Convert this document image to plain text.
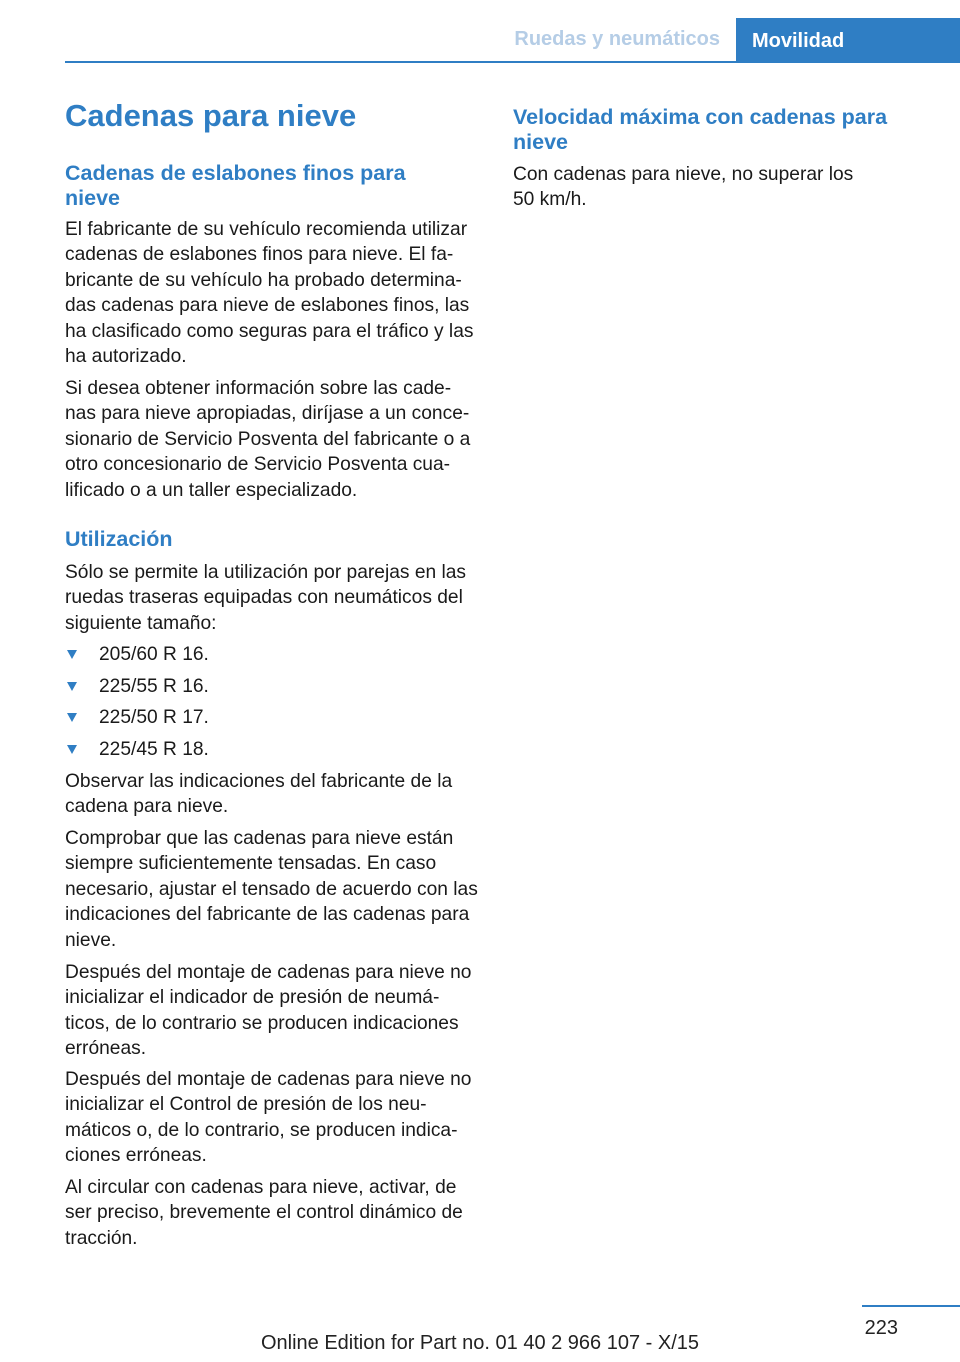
Ruedas y neumáticos	Movilidad
Cadenas para nieve
Cadenas de eslabones finos para nieve

El fabricante de su vehículo recomienda utilizar cadenas de eslabones finos para nieve. El fa-bricante de su vehículo ha probado determina-das cadenas para nieve de eslabones finos, las ha clasificado como seguras para el tráfico y las ha autorizado.

Si desea obtener información sobre las cade-nas para nieve apropiadas, diríjase a un conce-sionario de Servicio Posventa del fabricante o a otro concesionario de Servicio Posventa cua-lificado o a un taller especializado.

Utilización

Sólo se permite la utilización por parejas en las ruedas traseras equipadas con neumáticos del siguiente tamaño:

205/60 R 16.
225/55 R 16.
225/50 R 17.
225/45 R 18.

Observar las indicaciones del fabricante de la cadena para nieve.

Comprobar que las cadenas para nieve están siempre suficientemente tensadas. En caso necesario, ajustar el tensado de acuerdo con las indicaciones del fabricante de las cadenas para nieve.

Después del montaje de cadenas para nieve no inicializar el indicador de presión de neumá-ticos, de lo contrario se producen indicaciones erróneas.

Después del montaje de cadenas para nieve no inicializar el Control de presión de los neu-máticos o, de lo contrario, se producen indica-ciones erróneas.

Al circular con cadenas para nieve, activar, de ser preciso, brevemente el control dinámico de tracción.

Velocidad máxima con cadenas para nieve

Con cadenas para nieve, no superar los 50 km/h.

223
Online Edition for Part no. 01 40 2 966 107 - X/15
